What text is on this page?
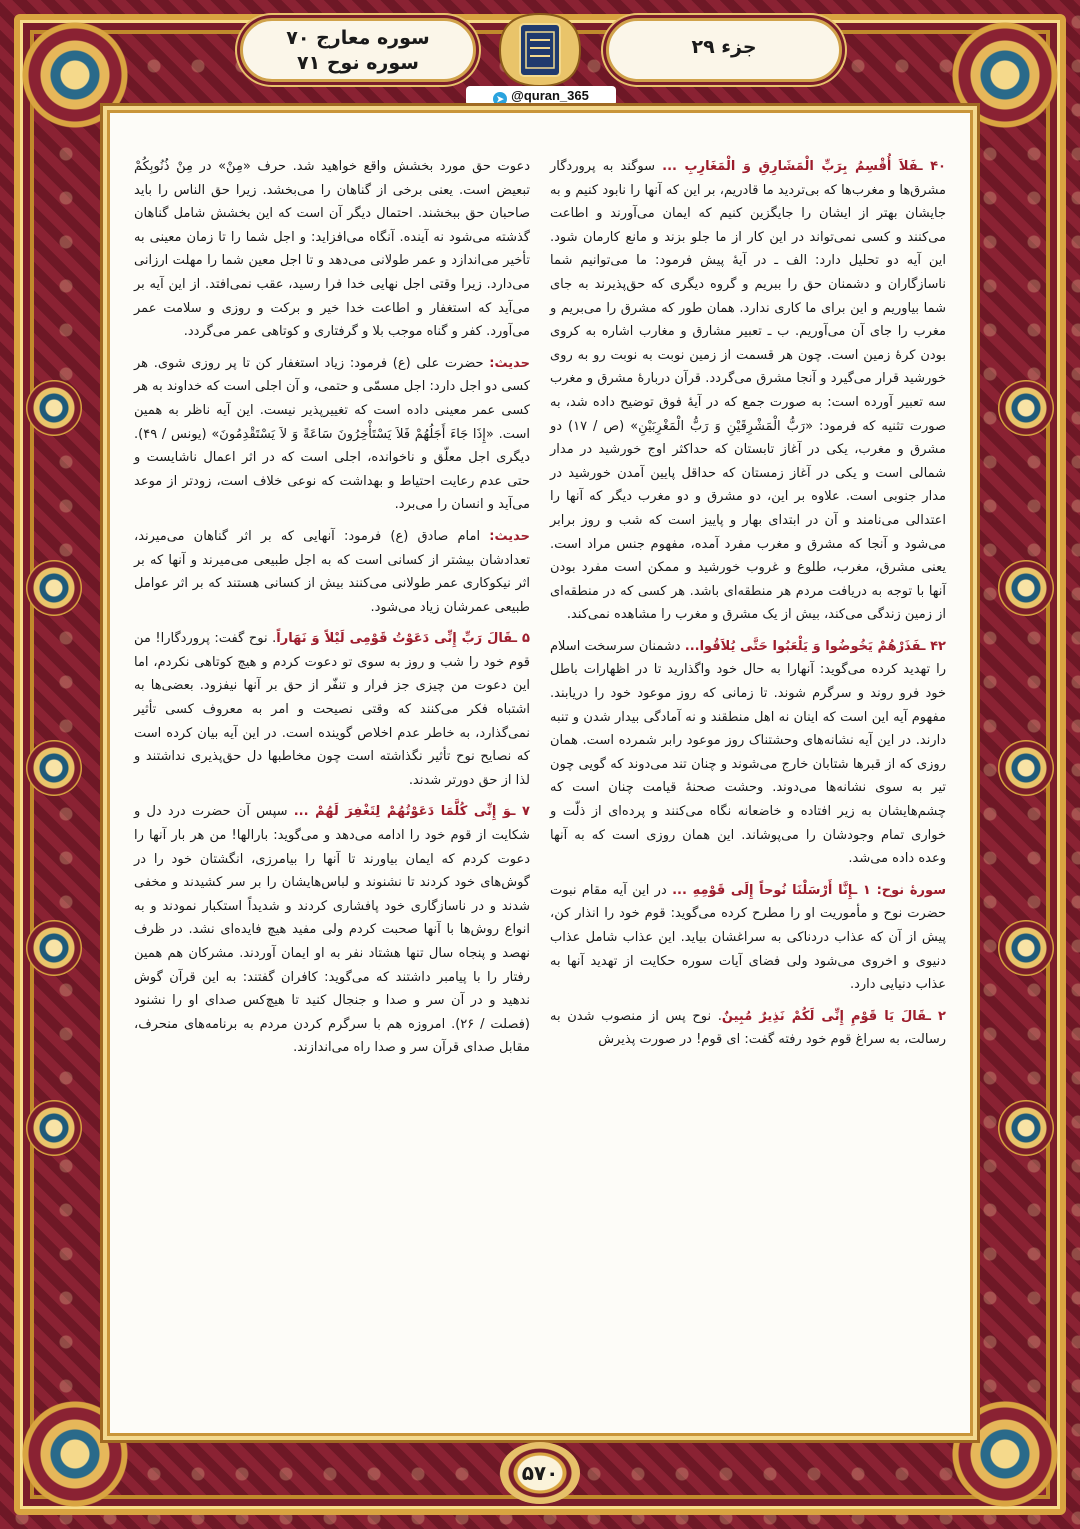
سوره معارج ۷۰
سوره نوح ۷۱
جزء ۲۹
➤ @quran_365

۴۰ ـفَلاَ أُقْسِمُ بِرَبِّ الْمَشَارِقِ وَ الْمَغَارِبِ ... سوگند به پروردگار مشرق‌ها و مغرب‌ها که بی‌تردید ما قادریم، بر این که آنها را نابود کنیم و به جایشان بهتر از ایشان را جایگزین کنیم که ایمان می‌آورند و اطاعت می‌کنند و کسی نمی‌تواند در این کار از ما جلو بزند و مانع کارمان شود. این آیه دو تحلیل دارد: الف ـ در آیهٔ پیش فرمود: ما می‌توانیم شما ناسازگاران و دشمنان حق را ببریم و گروه دیگری که حق‌پذیرند به جای شما بیاوریم و این برای ما کاری ندارد. همان طور که مشرق را می‌بریم و مغرب را جای آن می‌آوریم. ب ـ تعبیر مشارق و مغارب اشاره به کروی بودن کرهٔ زمین است. چون هر قسمت از زمین نوبت به نوبت رو به روی خورشید قرار می‌گیرد و آنجا مشرق می‌گردد. قرآن دربارهٔ مشرق و مغرب سه تعبیر آورده است: به صورت جمع که در آیهٔ فوق توضیح داده شد، به صورت تثنیه که فرمود: «رَبُّ الْمَشْرِقَیْنِ وَ رَبُّ الْمَغْرِبَیْنِ» (ص / ۱۷) دو مشرق و مغرب، یکی در آغاز تابستان که حداکثر اوج خورشید در مدار شمالی است و یکی در آغاز زمستان که حداقل پایین آمدن خورشید در مدار جنوبی است. علاوه بر این، دو مشرق و دو مغرب دیگر که آنها را اعتدالی می‌نامند و آن در ابتدای بهار و پاییز است که شب و روز برابر می‌شود و آنجا که مشرق و مغرب مفرد آمده، مفهوم جنس مراد است. یعنی مشرق، مغرب، طلوع و غروب خورشید و ممکن است مفرد بودن آنها با توجه به دریافت مردم هر منطقه‌ای باشد. هر کسی که در منطقه‌ای از زمین زندگی می‌کند، بیش از یک مشرق و مغرب را مشاهده نمی‌کند.

۴۲ ـفَذَرْهُمْ یَخُوضُوا وَ یَلْعَبُوا حَتَّی یُلاَقُوا... دشمنان سرسخت اسلام را تهدید کرده می‌گوید: آنهارا به حال خود واگذارید تا در اظهارات باطل خود فرو روند و سرگرم شوند. تا زمانی که روز موعود خود را دریابند. مفهوم آیه این است که اینان نه اهل منطقند و نه آمادگی بیدار شدن و تنبه دارند. در این آیه نشانه‌های وحشتناک روز موعود رابر شمرده است. همان روزی که از قبرها شتابان خارج می‌شوند و چنان تند می‌دوند که گویی چون تیر به سوی نشانه‌ها می‌دوند. وحشت صحنهٔ قیامت چنان است که چشم‌هایشان به زیر افتاده و خاضعانه نگاه می‌کنند و پرده‌ای از ذلّت و خواری تمام وجودشان را می‌پوشاند. این همان روزی است که به آنها وعده داده می‌شد.

سورهٔ نوح: ۱ ـإِنَّا أَرْسَلْنَا نُوحاً إِلَی قَوْمِهِ ... در این آیه مقام نبوت حضرت نوح و مأموریت او را مطرح کرده می‌گوید: قوم خود را انذار کن، پیش از آن که عذاب دردناکی به سراغشان بیاید. این عذاب شامل عذاب دنیوی و اخروی می‌شود ولی فضای آیات سوره حکایت از تهدید آنها به عذاب دنیایی دارد.

۲ ـقَالَ یَا قَوْمِ إِنِّی لَکُمْ نَذِیرٌ مُبِینٌ. نوح پس از منصوب شدن به رسالت، به سراغ قوم خود رفته گفت: ای قوم! در صورت پذیرش

دعوت حق مورد بخشش واقع خواهید شد. حرف «مِنْ» در مِنْ ذُنُوبِکُمْ تبعیض است. یعنی برخی از گناهان را می‌بخشد. زیرا حق الناس را باید صاحبان حق ببخشند. احتمال دیگر آن است که این بخشش شامل گناهان گذشته می‌شود نه آینده. آنگاه می‌افزاید: و اجل شما را تا زمان معینی به تأخیر می‌اندازد و عمر طولانی می‌دهد و تا اجل معین شما را مهلت ارزانی می‌دارد. زیرا وقتی اجل نهایی خدا فرا رسید، عقب نمی‌افتد. از این آیه بر می‌آید که استغفار و اطاعت خدا خیر و برکت و روزی و سلامت عمر می‌آورد. کفر و گناه موجب بلا و گرفتاری و کوتاهی عمر می‌گردد.

حدیث: حضرت علی (ع) فرمود: زیاد استغفار کن تا پر روزی شوی. هر کسی دو اجل دارد: اجل مسمّی و حتمی، و آن اجلی است که خداوند به هر کسی عمر معینی داده است که تغییرپذیر نیست. این آیه ناظر به همین است. «إِذَا جَاءَ أَجَلُهُمْ فَلاَ یَسْتَأْخِرُونَ سَاعَةً وَ لاَ یَسْتَقْدِمُونَ» (یونس / ۴۹). دیگری اجل معلّق و ناخوانده، اجلی است که در اثر اعمال ناشایست و حتی عدم رعایت احتیاط و بهداشت که نوعی خلاف است، زودتر از موعد می‌آید و انسان را می‌برد.

حدیث: امام صادق (ع) فرمود: آنهایی که بر اثر گناهان می‌میرند، تعدادشان بیشتر از کسانی است که به اجل طبیعی می‌میرند و آنها که بر اثر نیکوکاری عمر طولانی می‌کنند بیش از کسانی هستند که بر اثر عوامل طبیعی عمرشان زیاد می‌شود.

۵ ـقَالَ رَبِّ إِنِّی دَعَوْتُ قَوْمِی لَیْلاً وَ نَهَاراً. نوح گفت: پروردگارا! من قوم خود را شب و روز به سوی تو دعوت کردم و هیچ کوتاهی نکردم، اما این دعوت من چیزی جز فرار و تنفّر از حق بر آنها نیفزود. بعضی‌ها به اشتباه فکر می‌کنند که وقتی نصیحت و امر به معروف کسی تأثیر نمی‌گذارد، به خاطر عدم اخلاص گوینده است. در این آیه بیان کرده است که نصایح نوح تأثیر نگذاشته است چون مخاطبها دل حق‌پذیری نداشتند و لذا از حق دورتر شدند.

۷ ـوَ إِنِّی کُلَّمَا دَعَوْتُهُمْ لِتَغْفِرَ لَهُمْ ... سپس آن حضرت درد دل و شکایت از قوم خود را ادامه می‌دهد و می‌گوید: بارالها! من هر بار آنها را دعوت کردم که ایمان بیاورند تا آنها را بیامرزی، انگشتان خود را در گوش‌های خود کردند تا نشنوند و لباس‌هایشان را بر سر کشیدند و مخفی شدند و در ناسازگاری خود پافشاری کردند و شدیداً استکبار نمودند و به انواع روش‌ها با آنها صحبت کردم ولی مفید هیچ فایده‌ای نشد. در ظرف نهصد و پنجاه سال تنها هشتاد نفر به او ایمان آوردند. مشرکان هم همین رفتار را با پیامبر داشتند که می‌گوید: کافران گفتند: به این قرآن گوش ندهید و در آن سر و صدا و جنجال کنید تا هیچ‌کس صدای او را نشنود (فصلت / ۲۶). امروزه هم با سرگرم کردن مردم به برنامه‌های منحرف، مقابل صدای قرآن سر و صدا راه می‌اندازند.

۵۷۰
